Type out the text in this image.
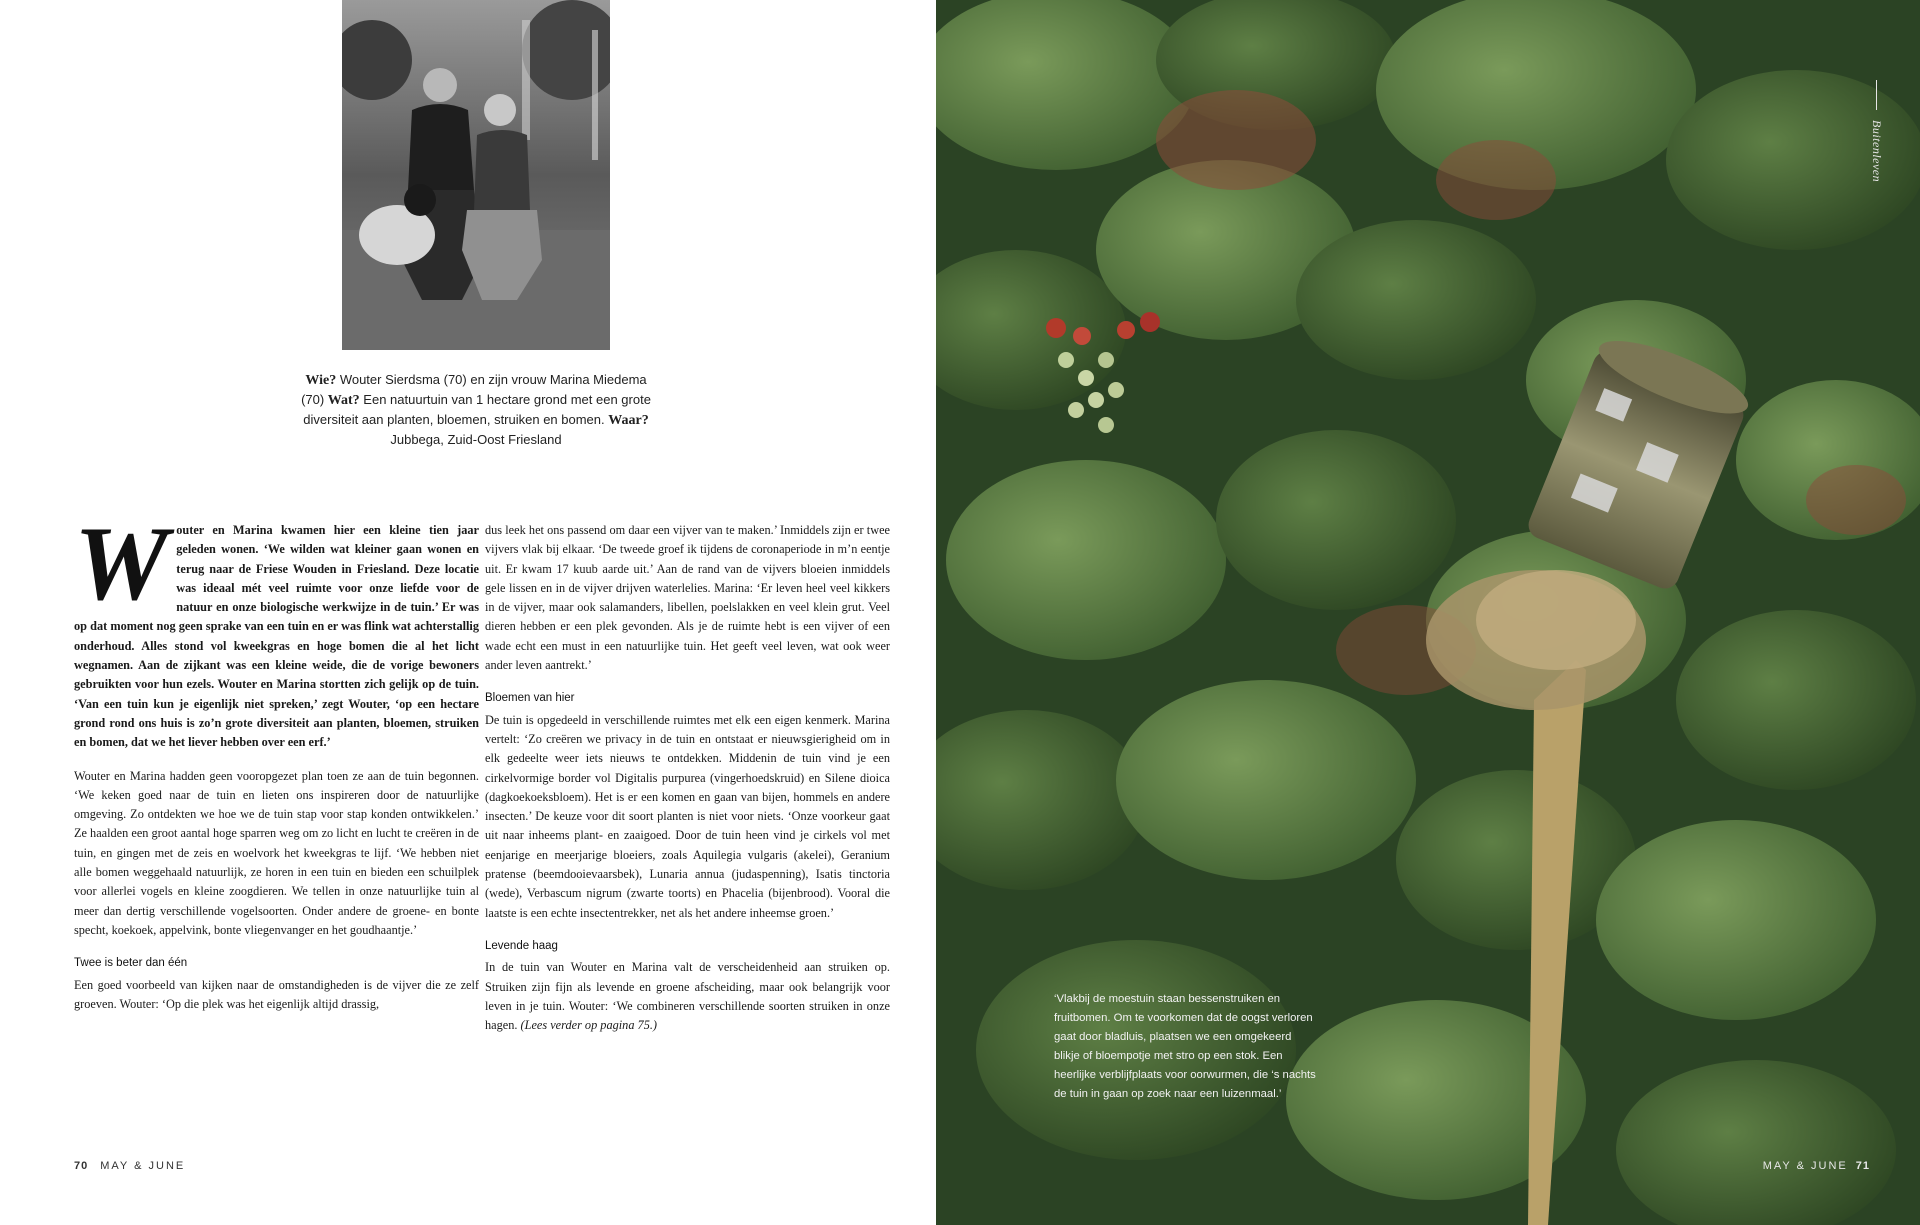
Wie? Wouter Sierdsma (70) en zijn vrouw Marina Miedema (70) Wat? Een natuurtuin van 1 hectare grond met een grote diversiteit aan planten, bloemen, struiken en bomen. Waar? Jubbega, Zuid-Oost Friesland

Wouter en Marina kwamen hier een kleine tien jaar geleden wonen. ‘We wilden wat kleiner gaan wonen en terug naar de Friese Wouden in Friesland. Deze locatie was ideaal mét veel ruimte voor onze liefde voor de natuur en onze biologische werkwijze in de tuin.’ Er was op dat moment nog geen sprake van een tuin en er was flink wat achterstallig onderhoud. Alles stond vol kweekgras en hoge bomen die al het licht wegnamen. Aan de zijkant was een kleine weide, die de vorige bewoners gebruikten voor hun ezels. Wouter en Marina stortten zich gelijk op de tuin. ‘Van een tuin kun je eigenlijk niet spreken,’ zegt Wouter, ‘op een hectare grond rond ons huis is zo’n grote diversiteit aan planten, bloemen, struiken en bomen, dat we het liever hebben over een erf.’

Wouter en Marina hadden geen vooropgezet plan toen ze aan de tuin begonnen. ‘We keken goed naar de tuin en lieten ons inspireren door de natuurlijke omgeving. Zo ontdekten we hoe we de tuin stap voor stap konden ontwikkelen.’ Ze haalden een groot aantal hoge sparren weg om zo licht en lucht te creëren in de tuin, en gingen met de zeis en woelvork het kweekgras te lijf. ‘We hebben niet alle bomen weggehaald natuurlijk, ze horen in een tuin en bieden een schuilplek voor allerlei vogels en kleine zoogdieren. We tellen in onze natuurlijke tuin al meer dan dertig verschillende vogelsoorten. Onder andere de groene- en bonte specht, koekoek, appelvink, bonte vliegenvanger en het goudhaantje.’

Twee is beter dan één

Een goed voorbeeld van kijken naar de omstandigheden is de vijver die ze zelf groeven. Wouter: ‘Op die plek was het eigenlijk altijd drassig,

dus leek het ons passend om daar een vijver van te maken.’ Inmiddels zijn er twee vijvers vlak bij elkaar. ‘De tweede groef ik tijdens de coronaperiode in m’n eentje uit. Er kwam 17 kuub aarde uit.’ Aan de rand van de vijvers bloeien inmiddels gele lissen en in de vijver drijven waterlelies. Marina: ‘Er leven heel veel kikkers in de vijver, maar ook salamanders, libellen, poelslakken en veel klein grut. Veel dieren hebben er een plek gevonden. Als je de ruimte hebt is een vijver of een wade echt een must in een natuurlijke tuin. Het geeft veel leven, wat ook weer ander leven aantrekt.’

Bloemen van hier

De tuin is opgedeeld in verschillende ruimtes met elk een eigen kenmerk. Marina vertelt: ‘Zo creëren we privacy in de tuin en ontstaat er nieuwsgierigheid om in elk gedeelte weer iets nieuws te ontdekken. Middenin de tuin vind je een cirkelvormige border vol Digitalis purpurea (vingerhoedskruid) en Silene dioica (dagkoekoeksbloem). Het is er een komen en gaan van bijen, hommels en andere insecten.’ De keuze voor dit soort planten is niet voor niets. ‘Onze voorkeur gaat uit naar inheems plant- en zaaigoed. Door de tuin heen vind je cirkels vol met eenjarige en meerjarige bloeiers, zoals Aquilegia vulgaris (akelei), Geranium pratense (beemdooievaarsbek), Lunaria annua (judaspenning), Isatis tinctoria (wede), Verbascum nigrum (zwarte toorts) en Phacelia (bijenbrood). Vooral die laatste is een echte insectentrekker, net als het andere inheemse groen.’

Levende haag

In de tuin van Wouter en Marina valt de verscheidenheid aan struiken op. Struiken zijn fijn als levende en groene afscheiding, maar ook belangrijk voor leven in je tuin. Wouter: ‘We combineren verschillende soorten struiken in onze hagen. (Lees verder op pagina 75.)

70 MAY & JUNE
Buitenleven
‘Vlakbij de moestuin staan bessenstruiken en fruitbomen. Om te voorkomen dat de oogst verloren gaat door bladluis, plaatsen we een omgekeerd blikje of bloempotje met stro op een stok. Een heerlijke verblijfplaats voor oorwurmen, die ‘s nachts de tuin in gaan op zoek naar een luizenmaal.’
MAY & JUNE 71
